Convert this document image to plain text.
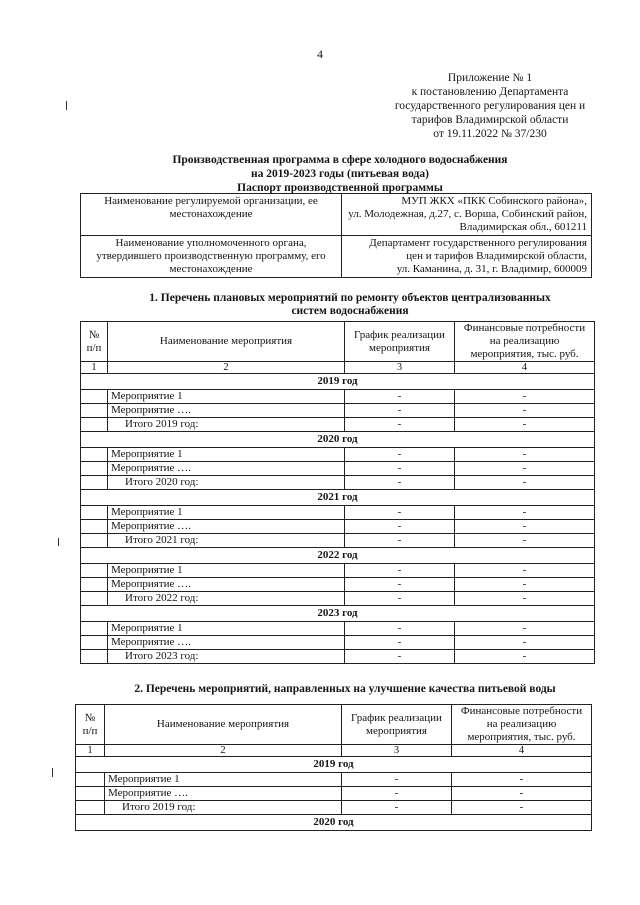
4
Приложение № 1
к постановлению Департамента
государственного регулирования цен и
тарифов Владимирской области
от 19.11.2022 № 37/230
Производственная программа в сфере холодного водоснабжения
на 2019-2023 годы (питьевая вода)
Паспорт производственной программы
Наименование регулируемой организации, ее местонахождение	МУП ЖКХ «ПКК Собинского района»,
ул. Молодежная, д.27, с. Ворша, Собинский район,
Владимирская обл., 601211

Наименование уполномоченного органа, утвердившего производственную программу, его местонахождение	Департамент государственного регулирования
цен и тарифов Владимирской области,
ул. Каманина, д. 31, г. Владимир, 600009
1. Перечень плановых мероприятий по ремонту объектов централизованных
систем водоснабжения
№ п/п	Наименование мероприятия	График реализации мероприятия	Финансовые потребности на реализацию мероприятия, тыс. руб.
1	2	3	4
2019 год			
	Мероприятие 1	-	-
	Мероприятие ….	-	-
	Итого 2019 год:	-	-
2020 год			
	Мероприятие 1	-	-
	Мероприятие ….	-	-
	Итого 2020 год:	-	-
2021 год			
	Мероприятие 1	-	-
	Мероприятие ….	-	-
	Итого 2021 год:	-	-
2022 год			
	Мероприятие 1	-	-
	Мероприятие ….	-	-
	Итого 2022 год:	-	-
2023 год			
	Мероприятие 1	-	-
	Мероприятие ….	-	-
	Итого 2023 год:	-	-
2. Перечень мероприятий, направленных на улучшение качества питьевой воды
№ п/п	Наименование мероприятия	График реализации мероприятия	Финансовые потребности на реализацию мероприятия, тыс. руб.
1	2	3	4
2019 год			
	Мероприятие 1	-	-
	Мероприятие ….	-	-
	Итого 2019 год:	-	-
2020 год			
